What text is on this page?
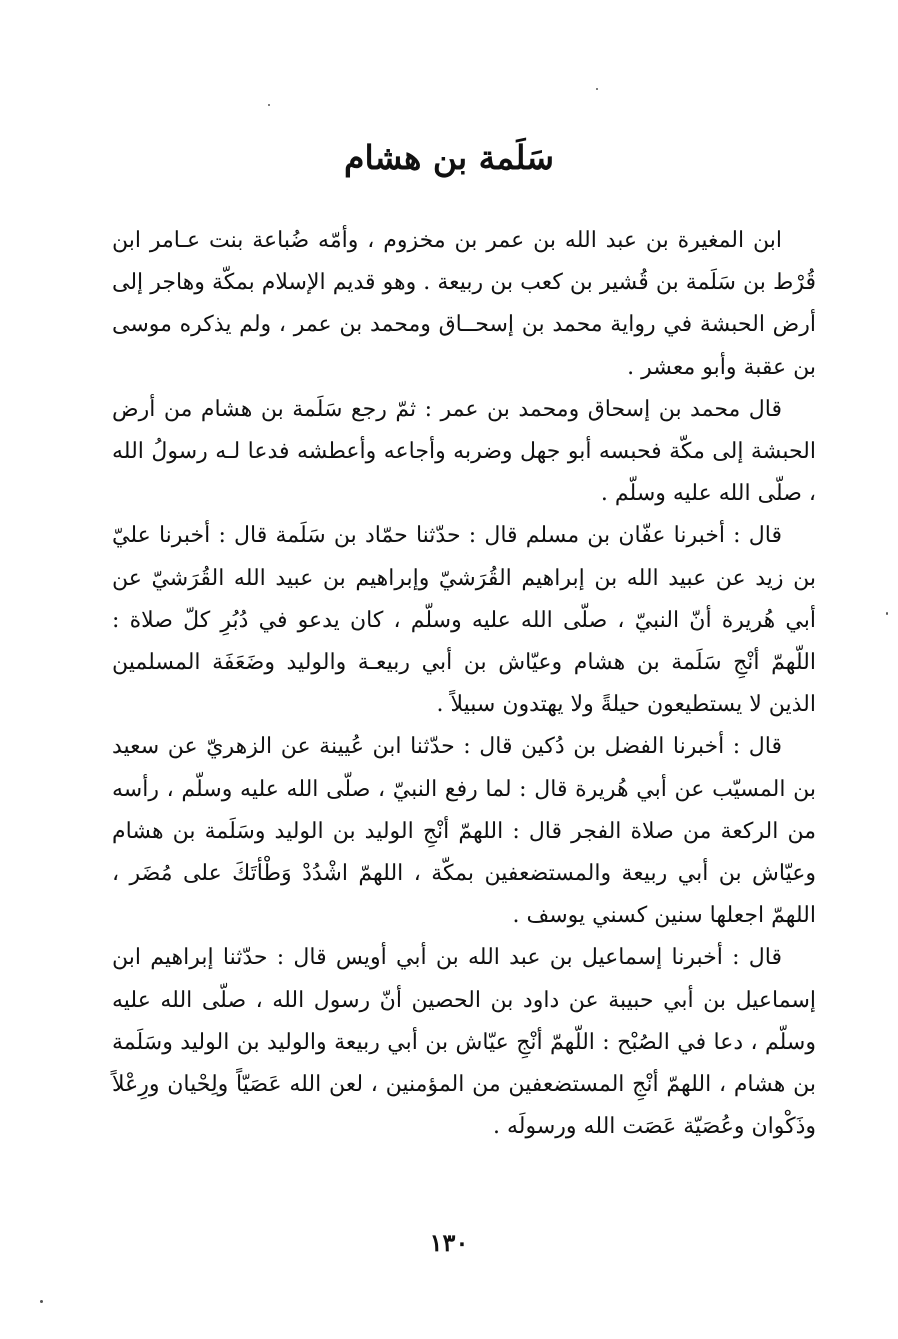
سَلَمة بن هشام

ابن المغيرة بن عبد الله بن عمر بن مخزوم ، وأمّه ضُباعة بنت عـامر ابن قُرْط بن سَلَمة بن قُشير بن كعب بن ربيعة . وهو قديم الإسلام بمكّة وهاجر إلى أرض الحبشة في رواية محمد بن إسحــاق ومحمد بن عمر ، ولم يذكره موسى بن عقبة وأبو معشر .

قال محمد بن إسحاق ومحمد بن عمر : ثمّ رجع سَلَمة بن هشام من أرض الحبشة إلى مكّة فحبسه أبو جهل وضربه وأجاعه وأعطشه فدعا لـه رسولُ الله ، صلّى الله عليه وسلّم .

قال : أخبرنا عفّان بن مسلم قال : حدّثنا حمّاد بن سَلَمة قال : أخبرنا عليّ بن زيد عن عبيد الله بن إبراهيم القُرَشيّ وإبراهيم بن عبيد الله القُرَشيّ عن أبي هُريرة أنّ النبيّ ، صلّى الله عليه وسلّم ، كان يدعو في دُبُرِ كلّ صلاة : اللّهمّ أنْجِ سَلَمة بن هشام وعيّاش بن أبي ربيعـة والوليد وضَعَفَة المسلمين الذين لا يستطيعون حيلةً ولا يهتدون سبيلاً .

قال : أخبرنا الفضل بن دُكين قال : حدّثنا ابن عُيينة عن الزهريّ عن سعيد بن المسيّب عن أبي هُريرة قال : لما رفع النبيّ ، صلّى الله عليه وسلّم ، رأسه من الركعة من صلاة الفجر قال : اللهمّ أنْجِ الوليد بن الوليد وسَلَمة بن هشام وعيّاش بن أبي ربيعة والمستضعفين بمكّة ، اللهمّ اشْدُدْ وَطْأتَكَ على مُضَر ، اللهمّ اجعلها سنين كسني يوسف .

قال : أخبرنا إسماعيل بن عبد الله بن أبي أويس قال : حدّثنا إبراهيم ابن إسماعيل بن أبي حبيبة عن داود بن الحصين أنّ رسول الله ، صلّى الله عليه وسلّم ، دعا في الصُبْح : اللّهمّ أنْجِ عيّاش بن أبي ربيعة والوليد بن الوليد وسَلَمة بن هشام ، اللهمّ أنْجِ المستضعفين من المؤمنين ، لعن الله عَصَيّاً ولِحْيان ورِعْلاً وذَكْوان وعُصَيّة عَصَت الله ورسولَه .

١٣٠
